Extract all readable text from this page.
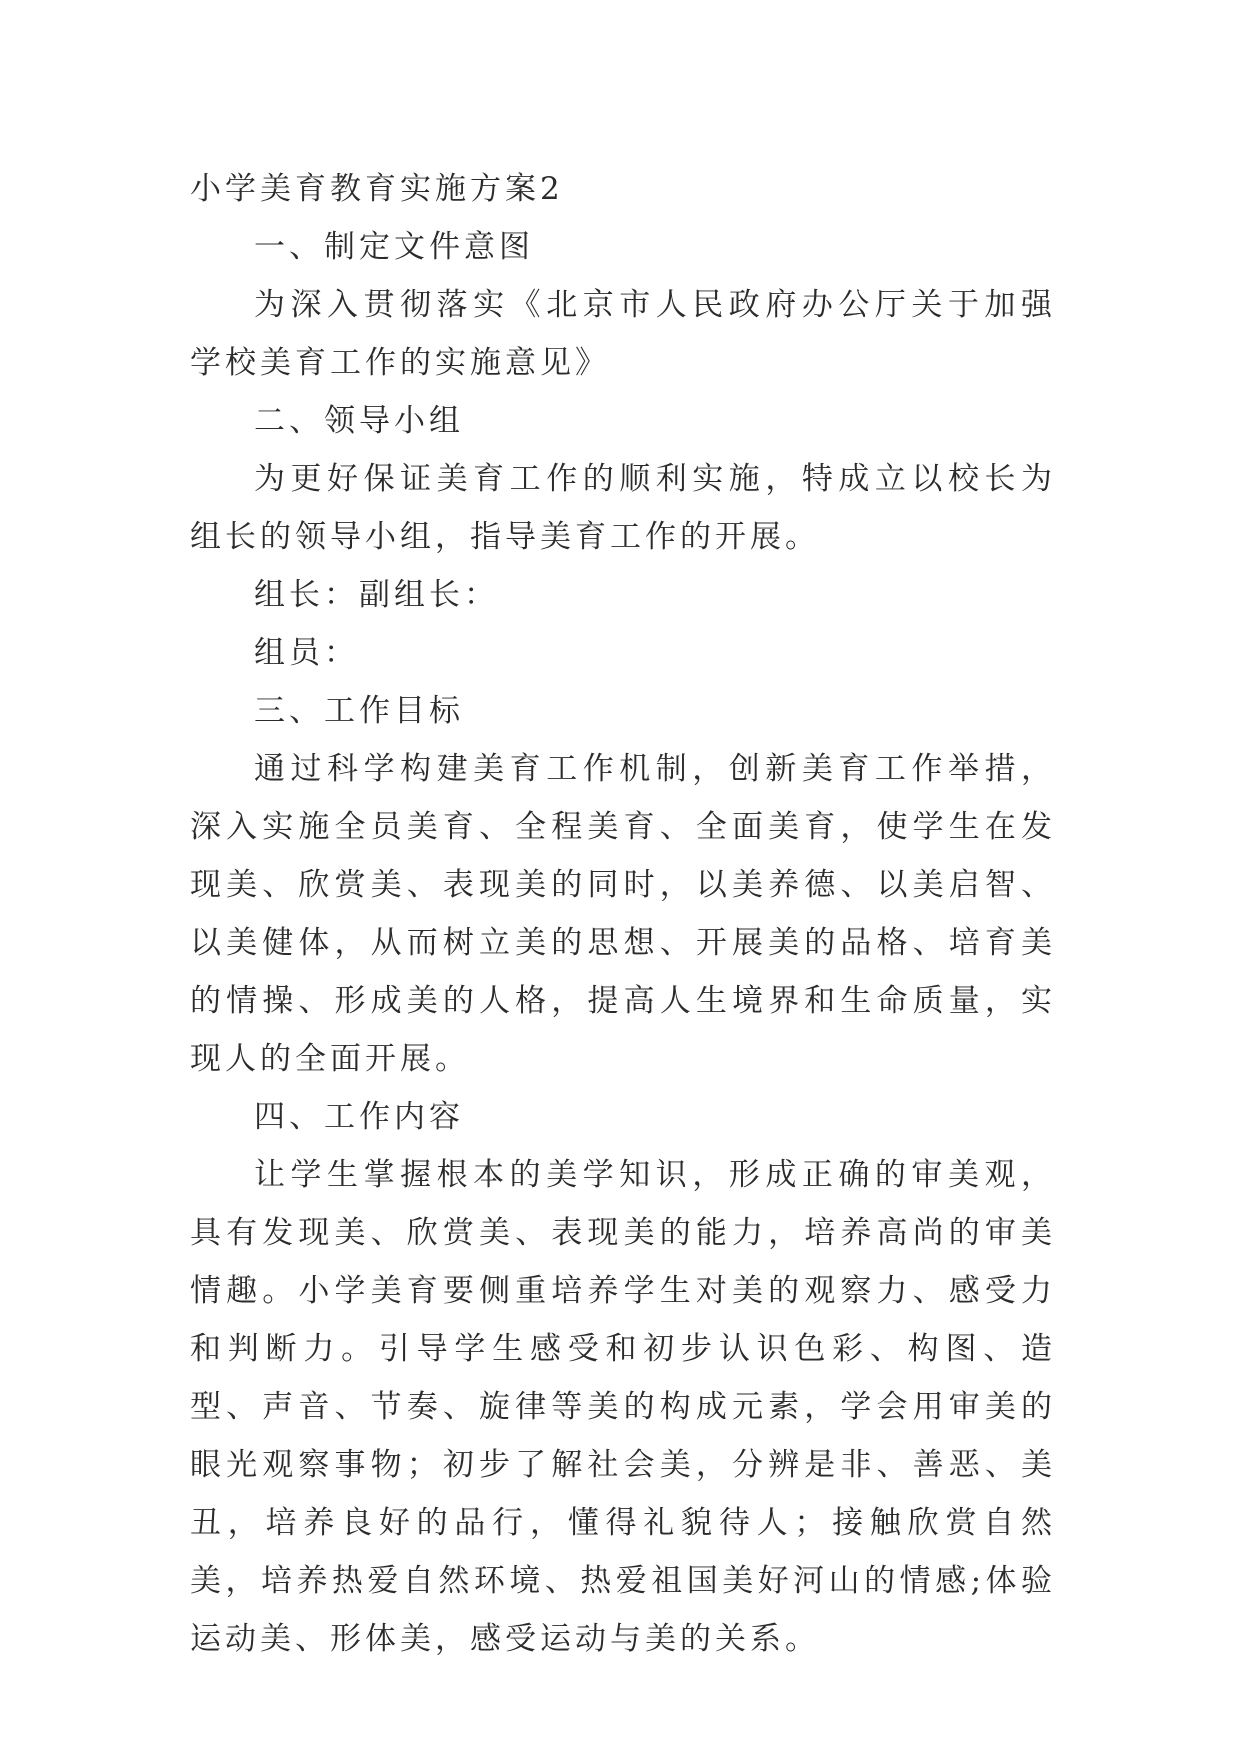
小学美育教育实施方案2

一、制定文件意图

为深入贯彻落实《北京市人民政府办公厅关于加强学校美育工作的实施意见》

二、领导小组

为更好保证美育工作的顺利实施，特成立以校长为组长的领导小组，指导美育工作的开展。

组长：副组长：

组员：

三、工作目标

通过科学构建美育工作机制，创新美育工作举措，深入实施全员美育、全程美育、全面美育，使学生在发现美、欣赏美、表现美的同时，以美养德、以美启智、以美健体，从而树立美的思想、开展美的品格、培育美的情操、形成美的人格，提高人生境界和生命质量，实现人的全面开展。

四、工作内容

让学生掌握根本的美学知识，形成正确的审美观，具有发现美、欣赏美、表现美的能力，培养高尚的审美情趣。小学美育要侧重培养学生对美的观察力、感受力和判断力。引导学生感受和初步认识色彩、构图、造型、声音、节奏、旋律等美的构成元素，学会用审美的眼光观察事物；初步了解社会美，分辨是非、善恶、美丑，培养良好的品行，懂得礼貌待人；接触欣赏自然美，培养热爱自然环境、热爱祖国美好河山的情感;体验运动美、形体美，感受运动与美的关系。
